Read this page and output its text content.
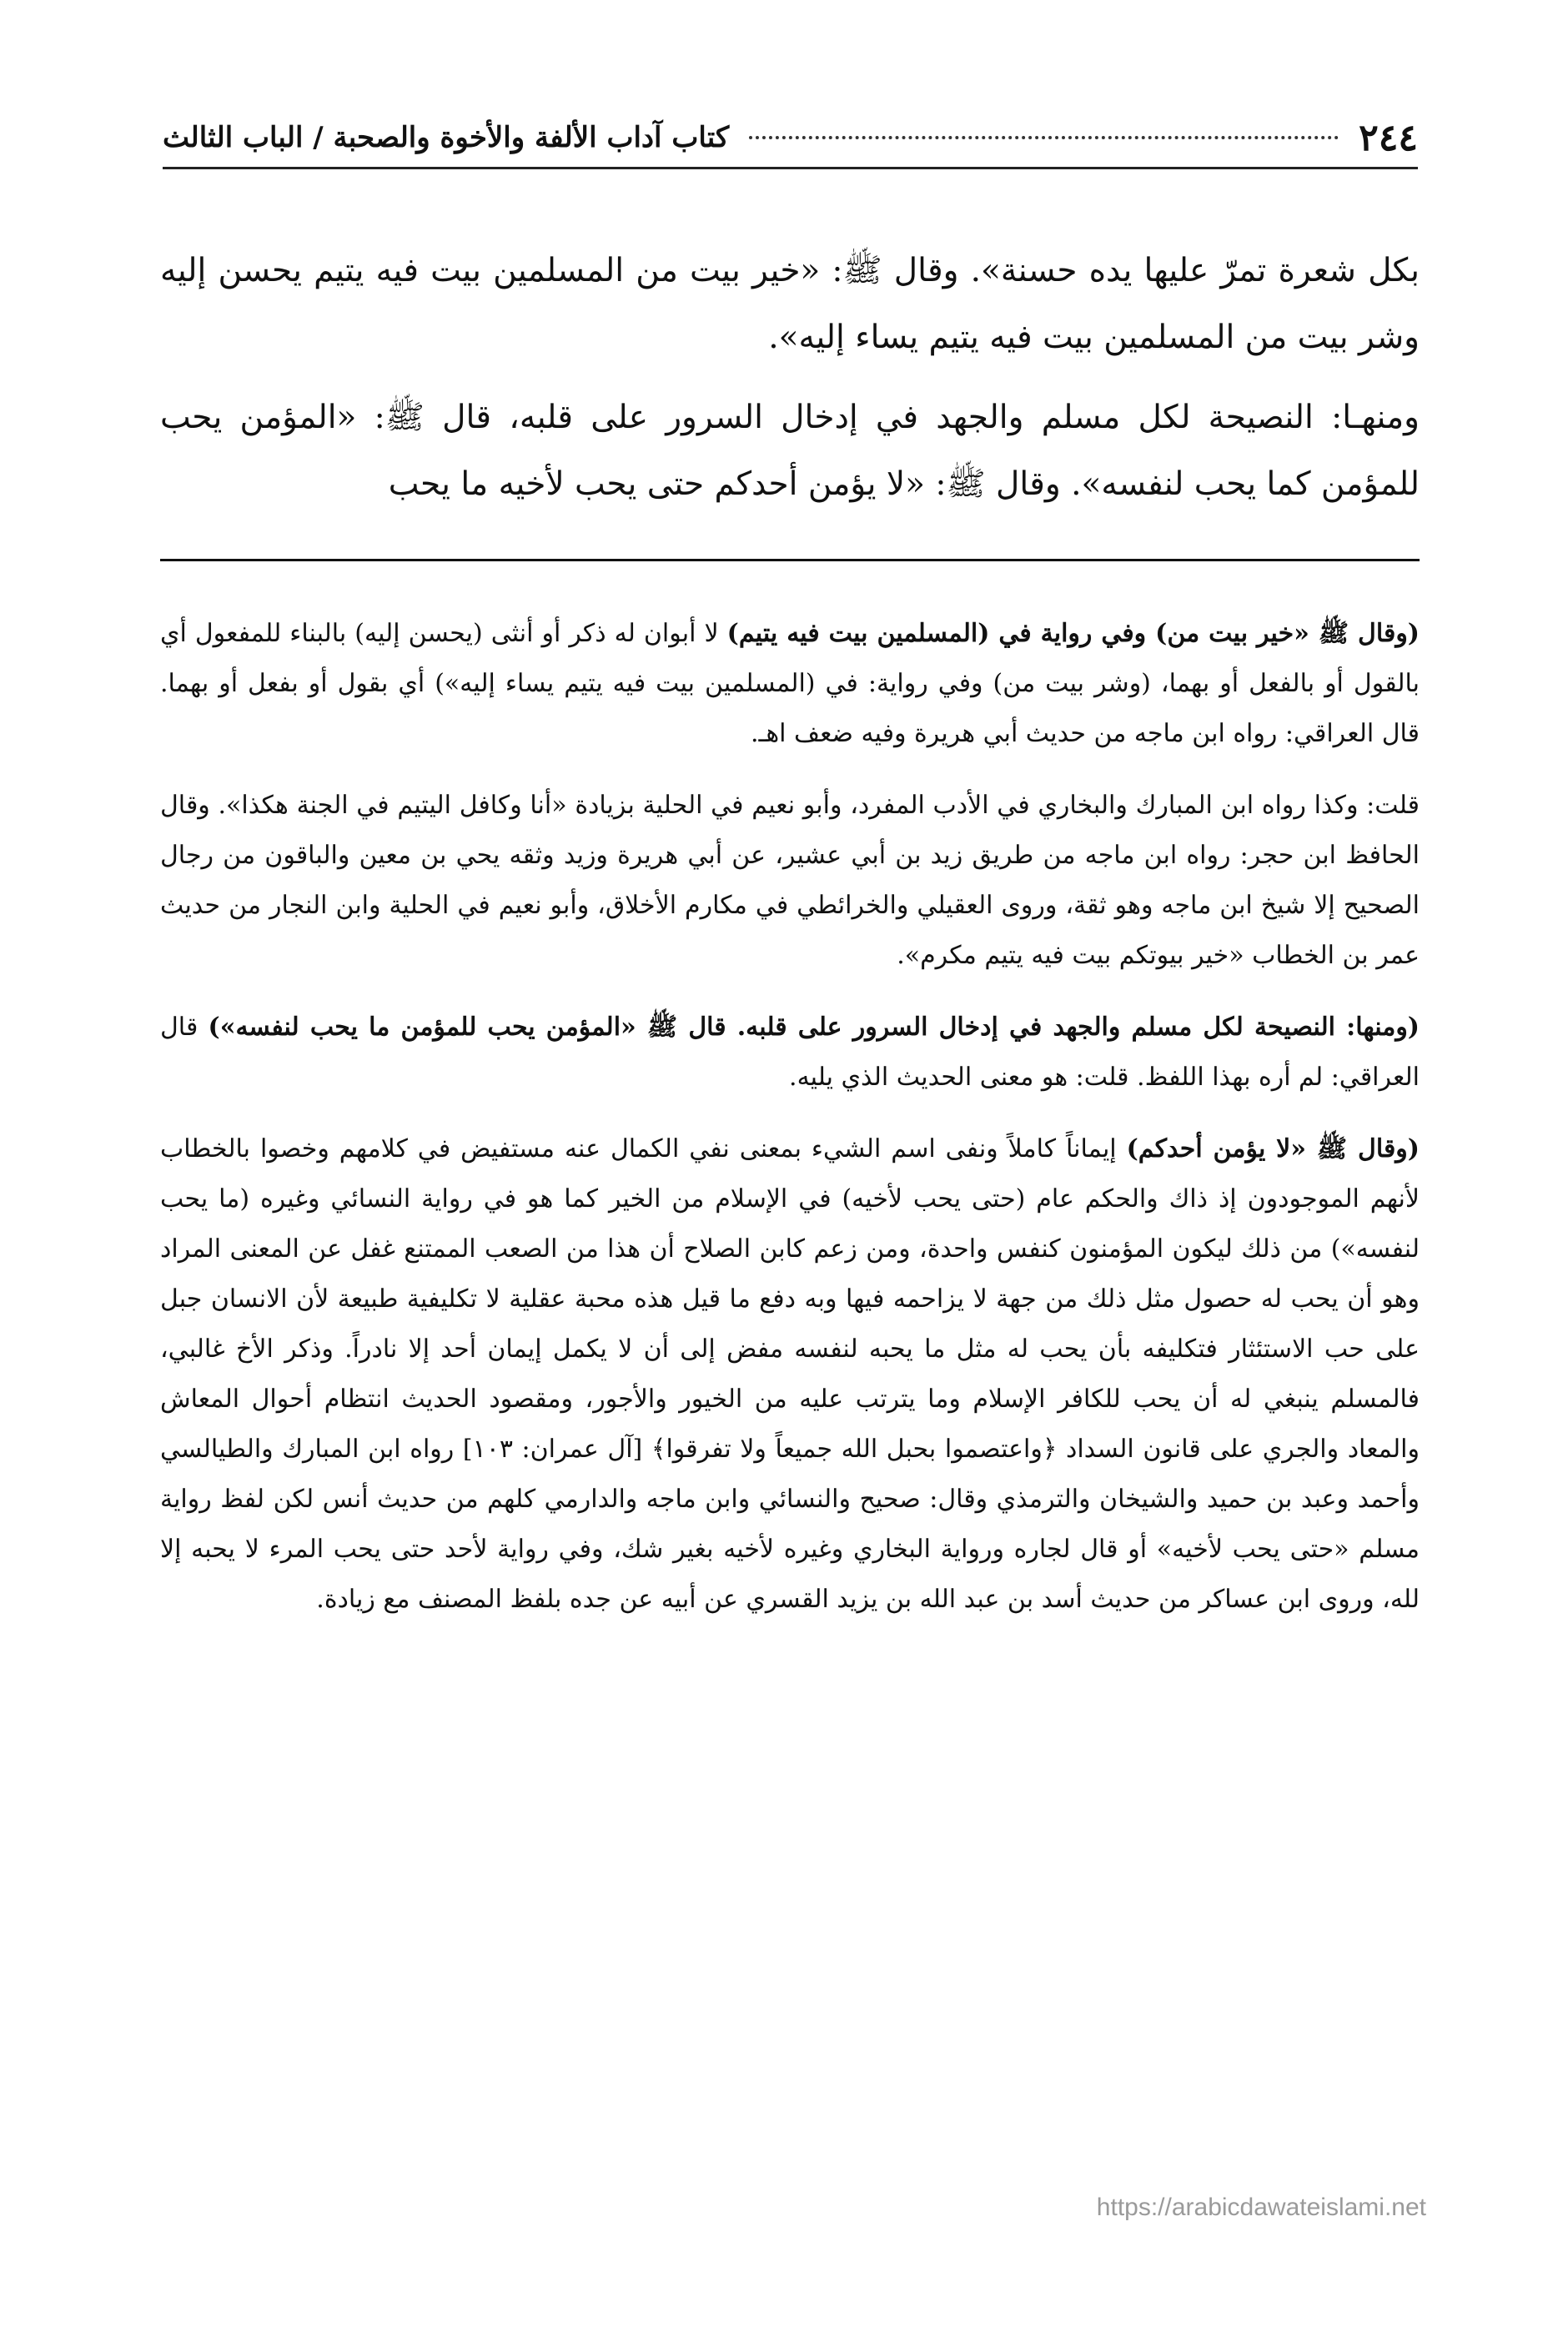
٢٤٤
كتاب آداب الألفة والأخوة والصحبة / الباب الثالث

بكل شعرة تمرّ عليها يده حسنة». وقال ﷺ: «خير بيت من المسلمين بيت فيه يتيم يحسن إليه وشر بيت من المسلمين بيت فيه يتيم يساء إليه».

ومنهـا: النصيحة لكل مسلم والجهد في إدخال السرور على قلبه، قال ﷺ: «المؤمن يحب للمؤمن كما يحب لنفسه». وقال ﷺ: «لا يؤمن أحدكم حتى يحب لأخيه ما يحب

(وقال ﷺ «خير بيت من) وفي رواية في (المسلمين بيت فيه يتيم) لا أبوان له ذكر أو أنثى (يحسن إليه) بالبناء للمفعول أي بالقول أو بالفعل أو بهما، (وشر بيت من) وفي رواية: في (المسلمين بيت فيه يتيم يساء إليه») أي بقول أو بفعل أو بهما. قال العراقي: رواه ابن ماجه من حديث أبي هريرة وفيه ضعف اهـ.

قلت: وكذا رواه ابن المبارك والبخاري في الأدب المفرد، وأبو نعيم في الحلية بزيادة «أنا وكافل اليتيم في الجنة هكذا». وقال الحافظ ابن حجر: رواه ابن ماجه من طريق زيد بن أبي عشير، عن أبي هريرة وزيد وثقه يحي بن معين والباقون من رجال الصحيح إلا شيخ ابن ماجه وهو ثقة، وروى العقيلي والخرائطي في مكارم الأخلاق، وأبو نعيم في الحلية وابن النجار من حديث عمر بن الخطاب «خير بيوتكم بيت فيه يتيم مكرم».

(ومنها: النصيحة لكل مسلم والجهد في إدخال السرور على قلبه. قال ﷺ «المؤمن يحب للمؤمن ما يحب لنفسه») قال العراقي: لم أره بهذا اللفظ. قلت: هو معنى الحديث الذي يليه.

(وقال ﷺ «لا يؤمن أحدكم) إيماناً كاملاً ونفى اسم الشيء بمعنى نفي الكمال عنه مستفيض في كلامهم وخصوا بالخطاب لأنهم الموجودون إذ ذاك والحكم عام (حتى يحب لأخيه) في الإسلام من الخير كما هو في رواية النسائي وغيره (ما يحب لنفسه») من ذلك ليكون المؤمنون كنفس واحدة، ومن زعم كابن الصلاح أن هذا من الصعب الممتنع غفل عن المعنى المراد وهو أن يحب له حصول مثل ذلك من جهة لا يزاحمه فيها وبه دفع ما قيل هذه محبة عقلية لا تكليفية طبيعة لأن الانسان جبل على حب الاستئثار فتكليفه بأن يحب له مثل ما يحبه لنفسه مفض إلى أن لا يكمل إيمان أحد إلا نادراً. وذكر الأخ غالبي، فالمسلم ينبغي له أن يحب للكافر الإسلام وما يترتب عليه من الخيور والأجور، ومقصود الحديث انتظام أحوال المعاش والمعاد والجري على قانون السداد ﴿واعتصموا بحبل الله جميعاً ولا تفرقوا﴾ [آل عمران: ١٠٣] رواه ابن المبارك والطيالسي وأحمد وعبد بن حميد والشيخان والترمذي وقال: صحيح والنسائي وابن ماجه والدارمي كلهم من حديث أنس لكن لفظ رواية مسلم «حتى يحب لأخيه» أو قال لجاره ورواية البخاري وغيره لأخيه بغير شك، وفي رواية لأحد حتى يحب المرء لا يحبه إلا لله، وروى ابن عساكر من حديث أسد بن عبد الله بن يزيد القسري عن أبيه عن جده بلفظ المصنف مع زيادة.

https://arabicdawateislami.net
